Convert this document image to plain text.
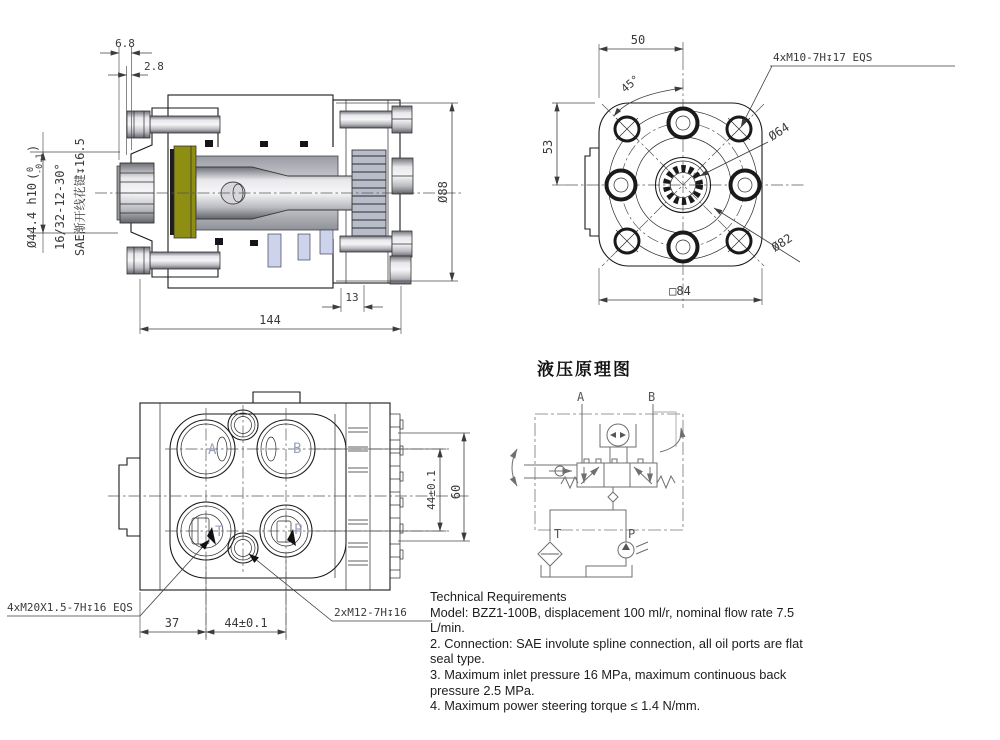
6.8
2.8
Ø88
13
144
Ø44.4 h10
(
0 -0.1
)
16/32-12-30° SAE渐开线花键↧16.5
45°
50
53
4xM10-7H↧17 EQS
Ø64
Ø82
□84
A	B
T	P
4xM20X1.5-7H↧16 EQS	2xM12-7H↧16
37	44±0.1
44±0.1 60
液压原理图
A	B
T	P
Technical Requirements
Model: BZZ1-100B, displacement 100 ml/r, nominal flow rate 7.5
L/min.
2. Connection: SAE involute spline connection, all oil ports are flat
seal type.
3. Maximum inlet pressure 16 MPa, maximum continuous back
pressure 2.5 MPa.
4. Maximum power steering torque ≤ 1.4 N/mm.
